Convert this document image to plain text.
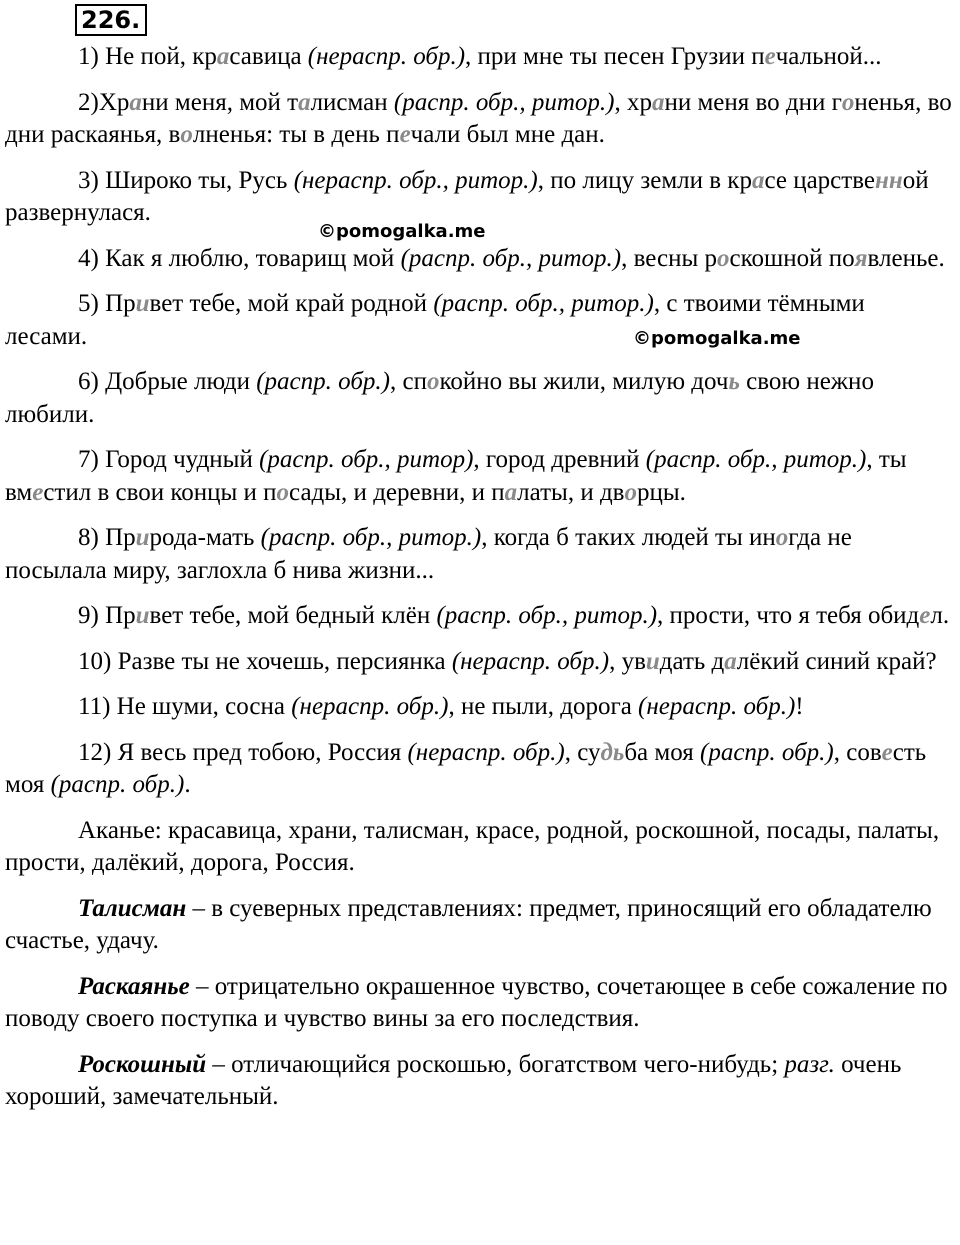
226.

1) Не пой, красавица (нераспр. обр.), при мне ты песен Грузии печальной...

2)Храни меня, мой талисман (распр. обр., ритор.), храни меня во дни гоненья, во дни раскаянья, волненья: ты в день печали был мне дан.

3) Широко ты, Русь (нераспр. обр., ритор.), по лицу земли в красе царственной развернулася.

4) Как я люблю, товарищ мой (распр. обр., ритор.), весны роскошной появленье.

5) Привет тебе, мой край родной (распр. обр., ритор.), с твоими тёмными лесами.

6) Добрые люди (распр. обр.), спокойно вы жили, милую дочь свою нежно любили.

7) Город чудный (распр. обр., ритор), город древний (распр. обр., ритор.), ты вместил в свои концы и посады, и деревни, и палаты, и дворцы.

8) Природа-мать (распр. обр., ритор.), когда б таких людей ты иногда не посылала миру, заглохла б нива жизни...

9) Привет тебе, мой бедный клён (распр. обр., ритор.), прости, что я тебя обидел.

10) Разве ты не хочешь, персиянка (нераспр. обр.), увидать далёкий синий край?

11) Не шуми, сосна (нераспр. обр.), не пыли, дорога (нераспр. обр.)!

12) Я весь пред тобою, Россия (нераспр. обр.), судьба моя (распр. обр.), совесть моя (распр. обр.).

Аканье: красавица, храни, талисман, красе, родной, роскошной, посады, палаты, прости, далёкий, дорога, Россия.

Талисман – в суеверных представлениях: предмет, приносящий его обладателю счастье, удачу.

Раскаянье – отрицательно окрашенное чувство, сочетающее в себе сожаление по поводу своего поступка и чувство вины за его последствия.

Роскошный – отличающийся роскошью, богатством чего-нибудь; разг. очень хороший, замечательный.

©pomogalka.me
©pomogalka.me
